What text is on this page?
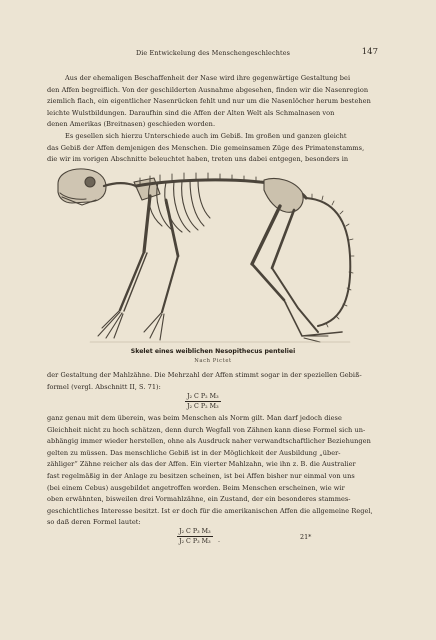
Die Entwickelung des Menschengeschlechtes	147
Aus der ehemaligen Beschaffenheit der Nase wird ihre gegenwärtige Gestaltung bei
den Affen begreiflich. Von der geschilderten Ausnahme abgesehen, finden wir die Nasenregion
ziemlich flach, ein eigentlicher Nasenrücken fehlt und nur um die Nasenlöcher herum bestehen
leichte Wulstbildungen. Daraufhin sind die Affen der Alten Welt als Schmalnasen von
denen Amerikas (Breitnasen) geschieden worden.
Es gesellen sich hierzu Unterschiede auch im Gebiß. Im großen und ganzen gleicht
das Gebiß der Affen demjenigen des Menschen. Die gemeinsamen Züge des Primatenstamms,
die wir im vorigen Abschnitte beleuchtet haben, treten uns dabei entgegen, besonders in
Skelet eines weiblichen Nesopithecus penteliei
Nach Pictet
der Gestaltung der Mahlzähne. Die Mehrzahl der Affen stimmt sogar in der speziellen Gebiß-
formel (vergl. Abschnitt II, S. 71):
$\frac{\text{J₂ C P₂ M₃}}{\text{J₂ C P₂ M₃}}$
ganz genau mit dem überein, was beim Menschen als Norm gilt. Man darf jedoch diese
Gleichheit nicht zu hoch schätzen, denn durch Wegfall von Zähnen kann diese Formel sich un-
abhängig immer wieder herstellen, ohne als Ausdruck naher verwandtschaftlicher Beziehungen
gelten zu müssen. Das menschliche Gebiß ist in der Möglichkeit der Ausbildung „über-
zähliger“ Zähne reicher als das der Affen. Ein vierter Mahlzahn, wie ihn z. B. die Australier
fast regelmäßig in der Anlage zu besitzen scheinen, ist bei Affen bisher nur einmal von uns
(bei einem Cebus) ausgebildet angetroffen worden. Beim Menschen erscheinen, wie wir
oben erwähnten, bisweilen drei Vormahlzähne, ein Zustand, der ein besonderes stammes-
geschichtliches Interesse besitzt. Ist er doch für die amerikanischen Affen die allgemeine Regel,
so daß deren Formel lautet:
$\frac{\text{J₂ C P₃ M₃}}{\text{J₂ C P₃ M₃}}$ .	21*
